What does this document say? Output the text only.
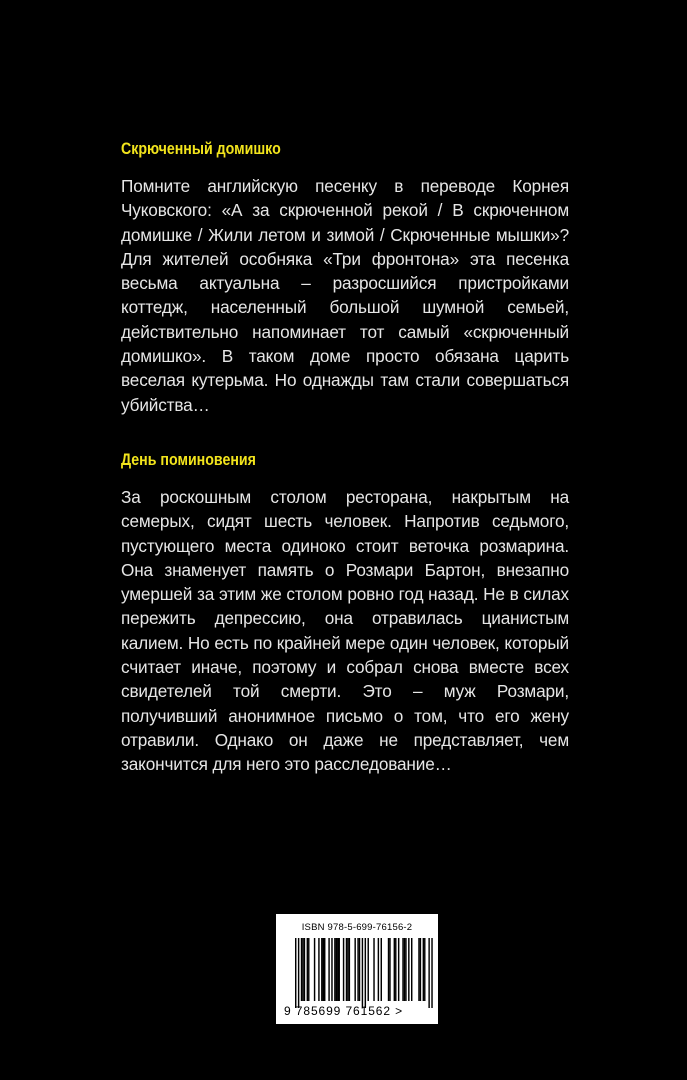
Скрюченный домишко

Помните английскую песенку в переводе Корнея Чуковского: «А за скрюченной рекой / В скрюченном домишке / Жили летом и зимой / Скрюченные мышки»? Для жителей особняка «Три фронтона» эта песенка весьма актуальна – разросшийся пристройками коттедж, населенный большой шумной семьей, действительно напоминает тот самый «скрюченный домишко». В таком доме просто обязана царить веселая кутерьма. Но однажды там стали совершаться убийства…

День поминовения

За роскошным столом ресторана, накрытым на семерых, сидят шесть человек. Напротив седьмого, пустующего места одиноко стоит веточка розмарина. Она знаменует память о Розмари Бартон, внезапно умершей за этим же столом ровно год назад. Не в силах пережить депрессию, она отравилась цианистым калием. Но есть по крайней мере один человек, который считает иначе, поэтому и собрал снова вместе всех свидетелей той смерти. Это – муж Розмари, получивший анонимное письмо о том, что его жену отравили. Однако он даже не представляет, чем закончится для него это расследование…

ISBN 978-5-699-76156-2
9 785699 761562 >
